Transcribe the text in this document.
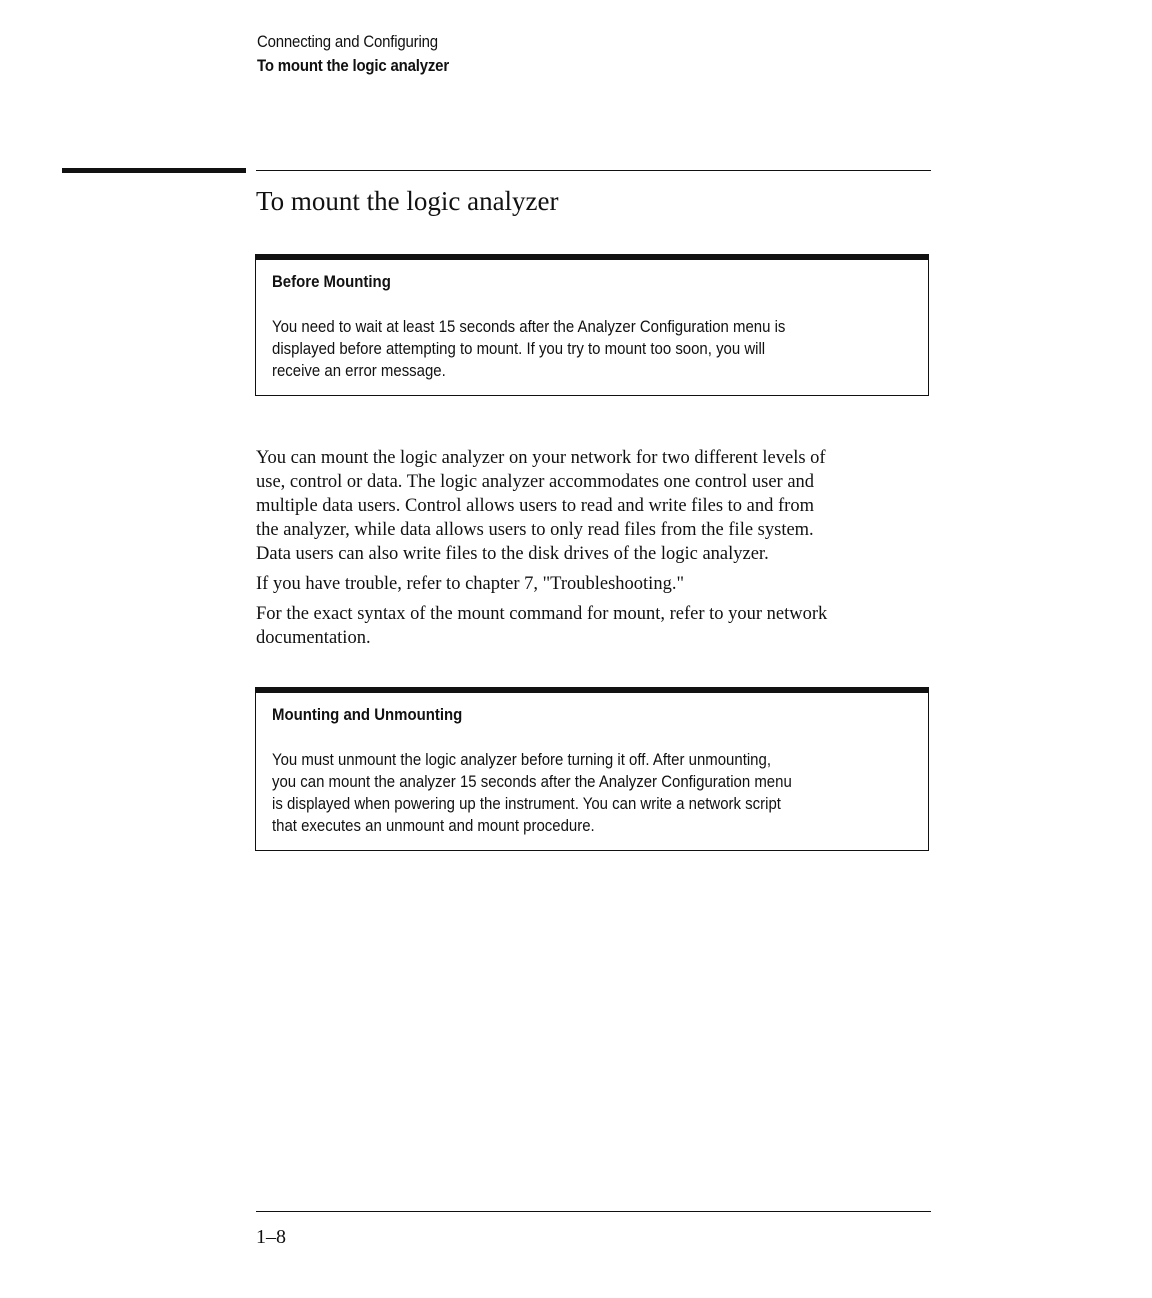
Connecting and Configuring
To mount the logic analyzer
To mount the logic analyzer
Before Mounting
You need to wait at least 15 seconds after the Analyzer Configuration menu is
displayed before attempting to mount. If you try to mount too soon, you will
receive an error message.

You can mount the logic analyzer on your network for two different levels of
use, control or data. The logic analyzer accommodates one control user and
multiple data users. Control allows users to read and write files to and from
the analyzer, while data allows users to only read files from the file system.
Data users can also write files to the disk drives of the logic analyzer.

If you have trouble, refer to chapter 7, "Troubleshooting."

For the exact syntax of the mount command for mount, refer to your network
documentation.

Mounting and Unmounting
You must unmount the logic analyzer before turning it off. After unmounting,
you can mount the analyzer 15 seconds after the Analyzer Configuration menu
is displayed when powering up the instrument. You can write a network script
that executes an unmount and mount procedure.
1–8
